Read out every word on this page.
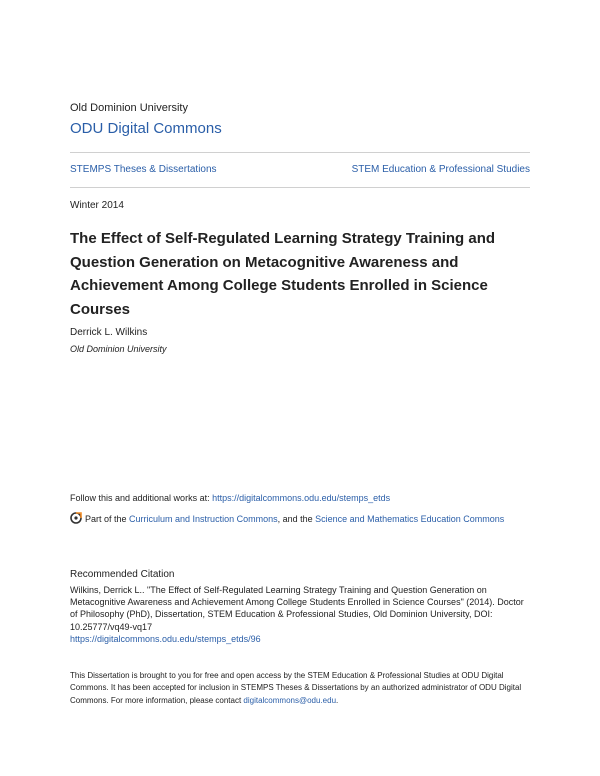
Old Dominion University
ODU Digital Commons
STEMPS Theses & Dissertations	STEM Education & Professional Studies
Winter 2014
The Effect of Self-Regulated Learning Strategy Training and Question Generation on Metacognitive Awareness and Achievement Among College Students Enrolled in Science Courses
Derrick L. Wilkins
Old Dominion University
Follow this and additional works at: https://digitalcommons.odu.edu/stemps_etds
Part of the Curriculum and Instruction Commons, and the Science and Mathematics Education Commons
Recommended Citation
Wilkins, Derrick L.. "The Effect of Self-Regulated Learning Strategy Training and Question Generation on Metacognitive Awareness and Achievement Among College Students Enrolled in Science Courses" (2014). Doctor of Philosophy (PhD), Dissertation, STEM Education & Professional Studies, Old Dominion University, DOI: 10.25777/vq49-vq17
https://digitalcommons.odu.edu/stemps_etds/96
This Dissertation is brought to you for free and open access by the STEM Education & Professional Studies at ODU Digital Commons. It has been accepted for inclusion in STEMPS Theses & Dissertations by an authorized administrator of ODU Digital Commons. For more information, please contact digitalcommons@odu.edu.
